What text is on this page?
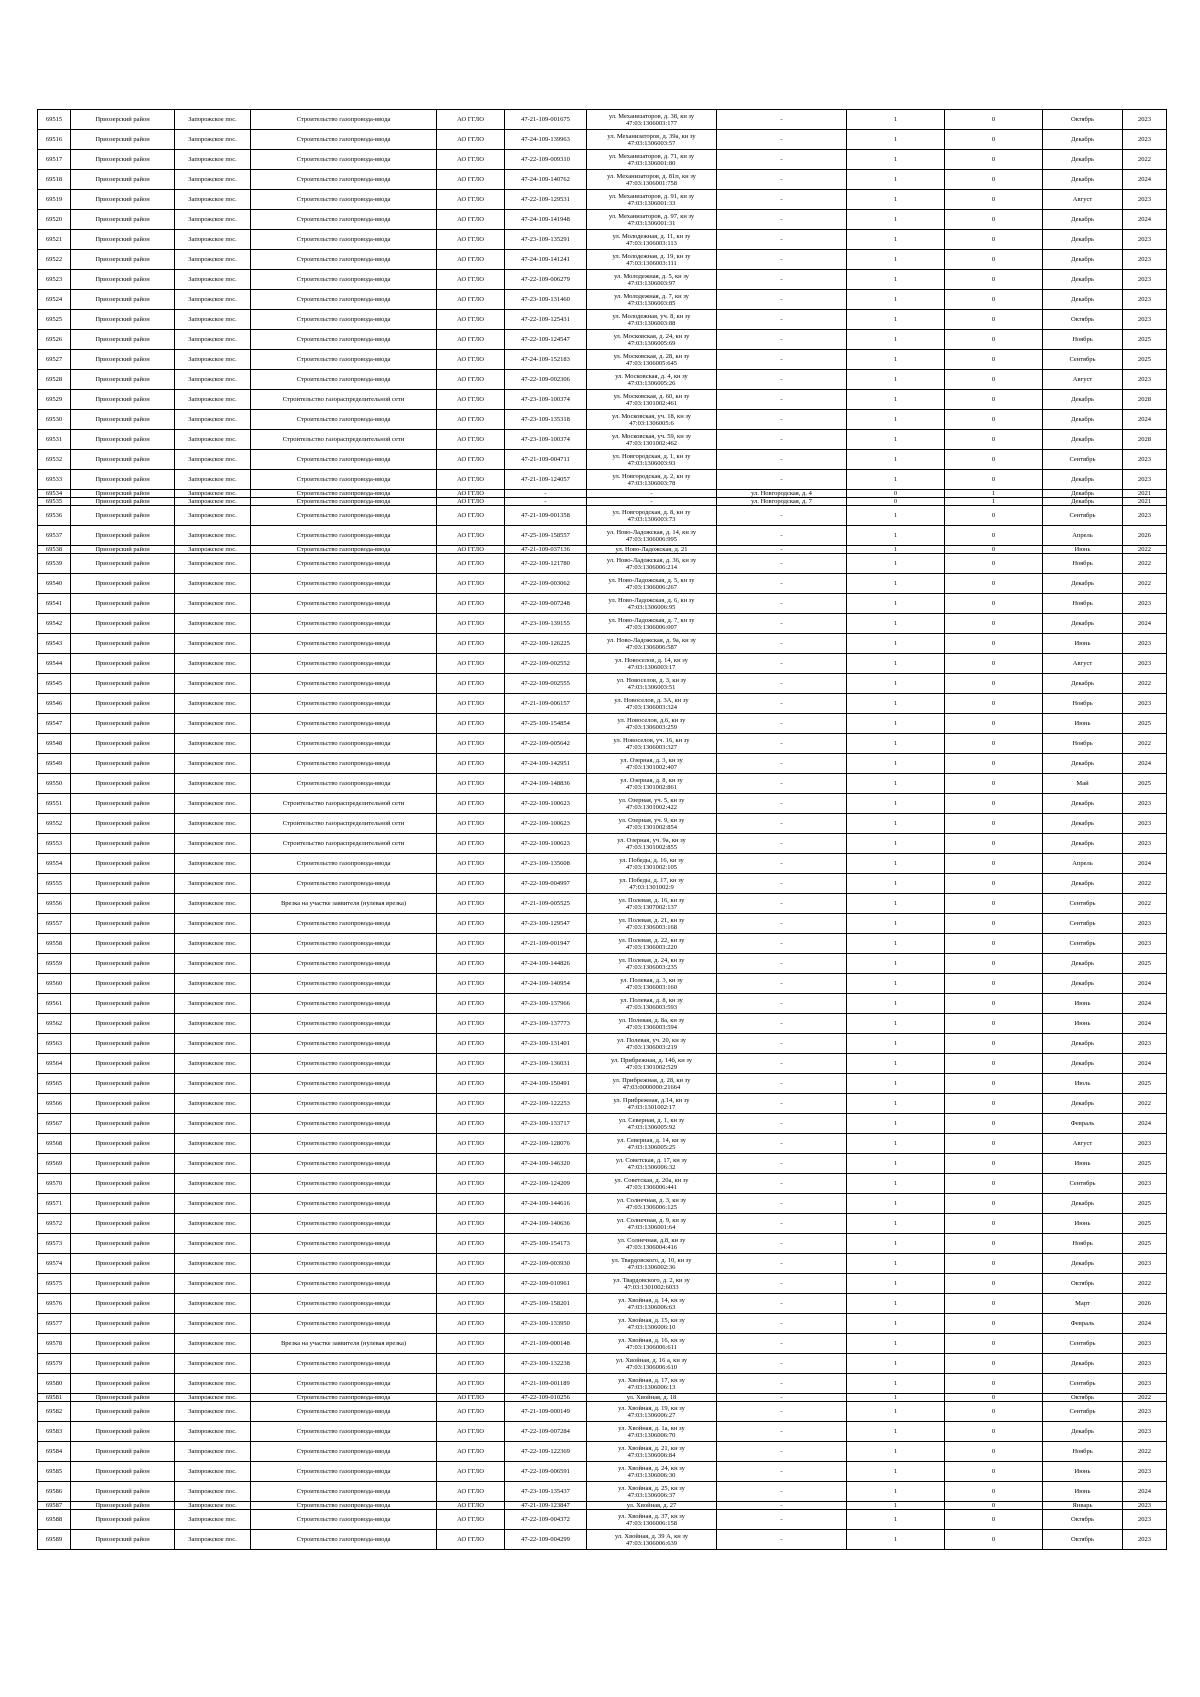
69515	Приозерский район	Запорожское пос.	Строительство газопровода-ввода	АО ГГЛО	47-21-109-001675	ул. Механизаторов, д. 38, кн зу
47:03:1306003:177	-	1	0	Октябрь	2023
69516	Приозерский район	Запорожское пос.	Строительство газопровода-ввода	АО ГГЛО	47-24-109-139963	ул. Механизаторов, д. 39а, кн зу
47:03:1306003:57	-	1	0	Декабрь	2023
69517	Приозерский район	Запорожское пос.	Строительство газопровода-ввода	АО ГГЛО	47-22-109-009310	ул. Механизаторов, д. 71, кн зу
47:03:1306001:80	-	1	0	Декабрь	2022
69518	Приозерский район	Запорожское пос.	Строительство газопровода-ввода	АО ГГЛО	47-24-109-140762	ул. Механизаторов, д. 81п, кн зу
47:03:1306001:758	-	1	0	Декабрь	2024
69519	Приозерский район	Запорожское пос.	Строительство газопровода-ввода	АО ГГЛО	47-22-109-129531	ул. Механизаторов, д. 91, кн зу
47:03:1306001:33	-	1	0	Август	2023
69520	Приозерский район	Запорожское пос.	Строительство газопровода-ввода	АО ГГЛО	47-24-109-141948	ул. Механизаторов, д. 97, кн зу
47:03:1306001:31	-	1	0	Декабрь	2024
69521	Приозерский район	Запорожское пос.	Строительство газопровода-ввода	АО ГГЛО	47-23-109-135291	ул. Молодежная, д. 11, кн зу
47:03:1306003:113	-	1	0	Декабрь	2023
69522	Приозерский район	Запорожское пос.	Строительство газопровода-ввода	АО ГГЛО	47-24-109-141241	ул. Молодежная, д. 19, кн зу
47:03:1306003:111	-	1	0	Декабрь	2023
69523	Приозерский район	Запорожское пос.	Строительство газопровода-ввода	АО ГГЛО	47-22-109-006279	ул. Молодежная, д. 5, кн зу
47:03:1306003:97	-	1	0	Декабрь	2023
69524	Приозерский район	Запорожское пос.	Строительство газопровода-ввода	АО ГГЛО	47-23-109-131460	ул. Молодежная, д. 7, кн зу
47:03:1306003:85	-	1	0	Декабрь	2023
69525	Приозерский район	Запорожское пос.	Строительство газопровода-ввода	АО ГГЛО	47-22-109-125431	ул. Молодежная, уч. 8, кн зу
47:03:1306003:88	-	1	0	Октябрь	2023
69526	Приозерский район	Запорожское пос.	Строительство газопровода-ввода	АО ГГЛО	47-22-109-124547	ул. Московская, д. 24, кн зу
47:03:1306005:69	-	1	0	Ноябрь	2025
69527	Приозерский район	Запорожское пос.	Строительство газопровода-ввода	АО ГГЛО	47-24-109-152183	ул. Московская, д. 28, кн зу
47:03:1306005:645	-	1	0	Сентябрь	2025
69528	Приозерский район	Запорожское пос.	Строительство газопровода-ввода	АО ГГЛО	47-22-109-002306	ул. Московская, д. 4, кн зу
47:03:1306005:26	-	1	0	Август	2023
69529	Приозерский район	Запорожское пос.	Строительство газораспределительной сети	АО ГГЛО	47-23-109-100374	ул. Московская, д. 60, кн зу
47:03:1301002:461	-	1	0	Декабрь	2028
69530	Приозерский район	Запорожское пос.	Строительство газопровода-ввода	АО ГГЛО	47-23-109-135318	ул. Московская, уч. 18, кн зу
47:03:1306005:6	-	1	0	Декабрь	2024
69531	Приозерский район	Запорожское пос.	Строительство газораспределительной сети	АО ГГЛО	47-23-109-100374	ул. Московская, уч. 59, кн зу
47:03:1301002:462	-	1	0	Декабрь	2028
69532	Приозерский район	Запорожское пос.	Строительство газопровода-ввода	АО ГГЛО	47-21-109-004711	ул. Новгородская, д. 1, кн зу
47:03:1306003:93	-	1	0	Сентябрь	2023
69533	Приозерский район	Запорожское пос.	Строительство газопровода-ввода	АО ГГЛО	47-21-109-124057	ул. Новгородская, д. 2, кн зу
47:03:1306003:78	-	1	0	Декабрь	2023
69534	Приозерский район	Запорожское пос.	Строительство газопровода-ввода	АО ГГЛО	-	-	ул. Новгородская, д. 4	0	1	Декабрь	2021
69535	Приозерский район	Запорожское пос.	Строительство газопровода-ввода	АО ГГЛО	-	-	ул. Новгородская, д. 7	0	1	Декабрь	2021
69536	Приозерский район	Запорожское пос.	Строительство газопровода-ввода	АО ГГЛО	47-21-109-001358	ул. Новгородская, д. 8, кн зу
47:03:1306003:73	-	1	0	Сентябрь	2023
69537	Приозерский район	Запорожское пос.	Строительство газопровода-ввода	АО ГГЛО	47-25-109-158557	ул. Ново-Ладожская, д. 14, кн зу
47:03:1306006:995	-	1	0	Апрель	2026
69538	Приозерский район	Запорожское пос.	Строительство газопровода-ввода	АО ГГЛО	47-21-109-037136	ул. Ново-Ладожская, д. 21	-	1	0	Июнь	2022
69539	Приозерский район	Запорожское пос.	Строительство газопровода-ввода	АО ГГЛО	47-22-109-121780	ул. Ново-Ладожская, д. 36, кн зу
47:03:1306006:214	-	1	0	Ноябрь	2022
69540	Приозерский район	Запорожское пос.	Строительство газопровода-ввода	АО ГГЛО	47-22-109-003062	ул. Ново-Ладожская, д. 5, кн зу
47:03:1306006:267	-	1	0	Декабрь	2022
69541	Приозерский район	Запорожское пос.	Строительство газопровода-ввода	АО ГГЛО	47-22-109-007248	ул. Ново-Ладожская, д. 6, кн зу
47:03:1306006:95	-	1	0	Ноябрь	2023
69542	Приозерский район	Запорожское пос.	Строительство газопровода-ввода	АО ГГЛО	47-23-109-139155	ул. Ново-Ладожская, д. 7, кн зу
47:03:1306006:007	-	1	0	Декабрь	2024
69543	Приозерский район	Запорожское пос.	Строительство газопровода-ввода	АО ГГЛО	47-22-109-126225	ул. Ново-Ладожская, д. 9а, кн зу
47:03:1306006:587	-	1	0	Июнь	2023
69544	Приозерский район	Запорожское пос.	Строительство газопровода-ввода	АО ГГЛО	47-22-109-002552	ул. Новоселов, д. 14, кн зу
47:03:1306003:17	-	1	0	Август	2023
69545	Приозерский район	Запорожское пос.	Строительство газопровода-ввода	АО ГГЛО	47-22-109-002555	ул. Новоселов, д. 3, кн зу
47:03:1306003:51	-	1	0	Декабрь	2022
69546	Приозерский район	Запорожское пос.	Строительство газопровода-ввода	АО ГГЛО	47-21-109-006157	ул. Новоселов, д. 3А, кн зу
47:03:1306003:324	-	1	0	Ноябрь	2023
69547	Приозерский район	Запорожское пос.	Строительство газопровода-ввода	АО ГГЛО	47-25-109-154854	ул. Новоселов, д.6, кн зу
47:03:1306003:259	-	1	0	Июнь	2025
69548	Приозерский район	Запорожское пос.	Строительство газопровода-ввода	АО ГГЛО	47-22-109-005642	ул. Новоселов, уч. 16, кн зу
47:03:1306003:327	-	1	0	Ноябрь	2022
69549	Приозерский район	Запорожское пос.	Строительство газопровода-ввода	АО ГГЛО	47-24-109-142951	ул. Озерная, д. 3, кн зу
47:03:1301002:407	-	1	0	Декабрь	2024
69550	Приозерский район	Запорожское пос.	Строительство газопровода-ввода	АО ГГЛО	47-24-109-148836	ул. Озерная, д. 8, кн зу
47:03:1301002:861	-	1	0	Май	2025
69551	Приозерский район	Запорожское пос.	Строительство газораспределительной сети	АО ГГЛО	47-22-109-100623	ул. Озерная, уч. 5, кн зу
47:03:1301002:422	-	1	0	Декабрь	2023
69552	Приозерский район	Запорожское пос.	Строительство газораспределительной сети	АО ГГЛО	47-22-109-100623	ул. Озерная, уч. 9, кн зу
47:03:1301002:854	-	1	0	Декабрь	2023
69553	Приозерский район	Запорожское пос.	Строительство газораспределительной сети	АО ГГЛО	47-22-109-100623	ул. Озерная, уч. 9а, кн зу
47:03:1301002:855	-	1	0	Декабрь	2023
69554	Приозерский район	Запорожское пос.	Строительство газопровода-ввода	АО ГГЛО	47-23-109-135608	ул. Победы, д. 16, кн зу
47:03:1301002:105	-	1	0	Апрель	2024
69555	Приозерский район	Запорожское пос.	Строительство газопровода-ввода	АО ГГЛО	47-22-109-004997	ул. Победы, д. 17, кн зу
47:03:1301002:9	-	1	0	Декабрь	2022
69556	Приозерский район	Запорожское пос.	Врезка на участке заявителя (нулевая врезка)	АО ГГЛО	47-21-109-005525	ул. Полевая, д. 16, кн зу
47:03:1307002:137	-	1	0	Сентябрь	2022
69557	Приозерский район	Запорожское пос.	Строительство газопровода-ввода	АО ГГЛО	47-23-109-129547	ул. Полевая, д. 21, кн зу
47:03:1306003:168	-	1	0	Сентябрь	2023
69558	Приозерский район	Запорожское пос.	Строительство газопровода-ввода	АО ГГЛО	47-21-109-001947	ул. Полевая, д. 22, кн зу
47:03:1306003:220	-	1	0	Сентябрь	2023
69559	Приозерский район	Запорожское пос.	Строительство газопровода-ввода	АО ГГЛО	47-24-109-144826	ул. Полевая, д. 24, кн зу
47:03:1306003:235	-	1	0	Декабрь	2025
69560	Приозерский район	Запорожское пос.	Строительство газопровода-ввода	АО ГГЛО	47-24-109-140954	ул. Полевая, д. 3, кн зу
47:03:1306003:160	-	1	0	Декабрь	2024
69561	Приозерский район	Запорожское пос.	Строительство газопровода-ввода	АО ГГЛО	47-23-109-137966	ул. Полевая, д. 8, кн зу
47:03:1306003:593	-	1	0	Июнь	2024
69562	Приозерский район	Запорожское пос.	Строительство газопровода-ввода	АО ГГЛО	47-23-109-137773	ул. Полевая, д. 8а, кн зу
47:03:1306003:594	-	1	0	Июнь	2024
69563	Приозерский район	Запорожское пос.	Строительство газопровода-ввода	АО ГГЛО	47-23-109-131401	ул. Полевая, уч. 20, кн зу
47:03:1306003:219	-	1	0	Декабрь	2023
69564	Приозерский район	Запорожское пос.	Строительство газопровода-ввода	АО ГГЛО	47-23-109-136031	ул. Прибрежная, д. 14б, кн зу
47:03:1301002:529	-	1	0	Декабрь	2024
69565	Приозерский район	Запорожское пос.	Строительство газопровода-ввода	АО ГГЛО	47-24-109-150491	ул. Прибрежная, д. 28, кн зу
47:03:0000000:21664	-	1	0	Июль	2025
69566	Приозерский район	Запорожское пос.	Строительство газопровода-ввода	АО ГГЛО	47-22-109-122253	ул. Прибрежная, д.14, кн зу
47:03:1301002:17	-	1	0	Декабрь	2022
69567	Приозерский район	Запорожское пос.	Строительство газопровода-ввода	АО ГГЛО	47-23-109-133717	ул. Северная, д. 1, кн зу
47:03:1306005:92	-	1	0	Февраль	2024
69568	Приозерский район	Запорожское пос.	Строительство газопровода-ввода	АО ГГЛО	47-22-109-128076	ул. Северная, д. 14, кн зу
47:03:1306005:25	-	1	0	Август	2023
69569	Приозерский район	Запорожское пос.	Строительство газопровода-ввода	АО ГГЛО	47-24-109-146320	ул. Советская, д. 17, кн зу
47:03:1306006:32	-	1	0	Июнь	2025
69570	Приозерский район	Запорожское пос.	Строительство газопровода-ввода	АО ГГЛО	47-22-109-124209	ул. Советская, д. 20а, кн зу
47:03:1306006:441	-	1	0	Сентябрь	2023
69571	Приозерский район	Запорожское пос.	Строительство газопровода-ввода	АО ГГЛО	47-24-109-144616	ул. Солнечная, д. 3, кн зу
47:03:1306006:125	-	1	0	Декабрь	2025
69572	Приозерский район	Запорожское пос.	Строительство газопровода-ввода	АО ГГЛО	47-24-109-140636	ул. Солнечная, д. 9, кн зу
47:03:1306001:64	-	1	0	Июнь	2025
69573	Приозерский район	Запорожское пос.	Строительство газопровода-ввода	АО ГГЛО	47-25-109-154173	ул. Солнечная, д.8, кн зу
47:03:1306004:416	-	1	0	Ноябрь	2025
69574	Приозерский район	Запорожское пос.	Строительство газопровода-ввода	АО ГГЛО	47-22-109-003930	ул. Твардовского, д. 10, кн зу
47:03:1306002:36	-	1	0	Декабрь	2023
69575	Приозерский район	Запорожское пос.	Строительство газопровода-ввода	АО ГГЛО	47-22-109-010961	ул. Твардовского, д. 2, кн зу
47:03:1301002:6033	-	1	0	Октябрь	2022
69576	Приозерский район	Запорожское пос.	Строительство газопровода-ввода	АО ГГЛО	47-25-109-158201	ул. Хвойная, д. 14, кн зу
47:03:1306006:63	-	1	0	Март	2026
69577	Приозерский район	Запорожское пос.	Строительство газопровода-ввода	АО ГГЛО	47-23-109-133950	ул. Хвойная, д. 15, кн зу
47:03:1306006:10	-	1	0	Февраль	2024
69578	Приозерский район	Запорожское пос.	Врезка на участке заявителя (нулевая врезка)	АО ГГЛО	47-21-109-000148	ул. Хвойная, д. 16, кн зу
47:03:1306006:611	-	1	0	Сентябрь	2023
69579	Приозерский район	Запорожское пос.	Строительство газопровода-ввода	АО ГГЛО	47-23-109-132238	ул. Хвойная, д. 16 а, кн зу
47:03:1306006:610	-	1	0	Декабрь	2023
69580	Приозерский район	Запорожское пос.	Строительство газопровода-ввода	АО ГГЛО	47-21-109-001189	ул. Хвойная, д. 17, кн зу
47:03:1306006:13	-	1	0	Сентябрь	2023
69581	Приозерский район	Запорожское пос.	Строительство газопровода-ввода	АО ГГЛО	47-22-109-010256	ул. Хвойная, д. 18	-	1	0	Октябрь	2022
69582	Приозерский район	Запорожское пос.	Строительство газопровода-ввода	АО ГГЛО	47-21-109-000149	ул. Хвойная, д. 19, кн зу
47:03:1306006:27	-	1	0	Сентябрь	2023
69583	Приозерский район	Запорожское пос.	Строительство газопровода-ввода	АО ГГЛО	47-22-109-007284	ул. Хвойная, д. 1а, кн зу
47:03:1306006:70	-	1	0	Декабрь	2023
69584	Приозерский район	Запорожское пос.	Строительство газопровода-ввода	АО ГГЛО	47-22-109-122369	ул. Хвойная, д. 21, кн зу
47:03:1306006:84	-	1	0	Ноябрь	2022
69585	Приозерский район	Запорожское пос.	Строительство газопровода-ввода	АО ГГЛО	47-22-109-006591	ул. Хвойная, д. 24, кн зу
47:03:1306006:30	-	1	0	Июнь	2023
69586	Приозерский район	Запорожское пос.	Строительство газопровода-ввода	АО ГГЛО	47-23-109-135437	ул. Хвойная, д. 25, кн зу
47:03:1306006:37	-	1	0	Июнь	2024
69587	Приозерский район	Запорожское пос.	Строительство газопровода-ввода	АО ГГЛО	47-21-109-123847	ул. Хвойная, д. 27	-	1	0	Январь	2023
69588	Приозерский район	Запорожское пос.	Строительство газопровода-ввода	АО ГГЛО	47-22-109-004372	ул. Хвойная, д. 37, кн зу
47:03:1306006:158	-	1	0	Октябрь	2023
69589	Приозерский район	Запорожское пос.	Строительство газопровода-ввода	АО ГГЛО	47-22-109-004299	ул. Хвойная, д. 39 А, кн зу
47:03:1306006:639	-	1	0	Октябрь	2023
